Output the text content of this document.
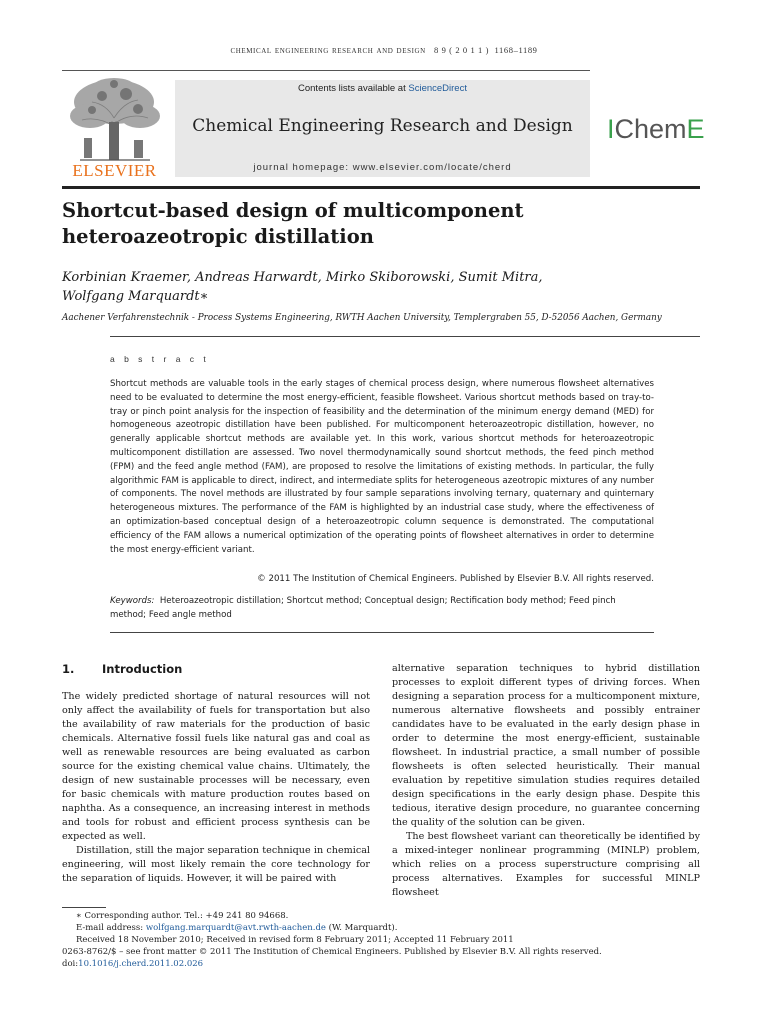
chemical engineering research and design 8 9 ( 2 0 1 1 ) 1168–1189
ELSEVIER
Contents lists available at ScienceDirect
Chemical Engineering Research and Design
journal homepage: www.elsevier.com/locate/cherd
IChemE
Shortcut-based design of multicomponent heteroazeotropic distillation
Korbinian Kraemer, Andreas Harwardt, Mirko Skiborowski, Sumit Mitra,
Wolfgang Marquardt∗
Aachener Verfahrenstechnik - Process Systems Engineering, RWTH Aachen University, Templergraben 55, D-52056 Aachen, Germany
a b s t r a c t
Shortcut methods are valuable tools in the early stages of chemical process design, where numerous flowsheet alternatives need to be evaluated to determine the most energy-efficient, feasible flowsheet. Various shortcut methods based on tray-to-tray or pinch point analysis for the inspection of feasibility and the determination of the minimum energy demand (MED) for homogeneous azeotropic distillation have been published. For multicomponent heteroazeotropic distillation, however, no generally applicable shortcut methods are available yet. In this work, various shortcut methods for heteroazeotropic multicomponent distillation are assessed. Two novel thermodynamically sound shortcut methods, the feed pinch method (FPM) and the feed angle method (FAM), are proposed to resolve the limitations of existing methods. In particular, the fully algorithmic FAM is applicable to direct, indirect, and intermediate splits for heterogeneous azeotropic mixtures of any number of components. The novel methods are illustrated by four sample separations involving ternary, quaternary and quinternary heterogeneous mixtures. The performance of the FAM is highlighted by an industrial case study, where the effectiveness of an optimization-based conceptual design of a heteroazeotropic column sequence is demonstrated. The computational efficiency of the FAM allows a numerical optimization of the operating points of flowsheet alternatives in order to determine the most energy-efficient variant.
© 2011 The Institution of Chemical Engineers. Published by Elsevier B.V. All rights reserved.
Keywords: Heteroazeotropic distillation; Shortcut method; Conceptual design; Rectification body method; Feed pinch method; Feed angle method
1. Introduction

The widely predicted shortage of natural resources will not only affect the availability of fuels for transportation but also the availability of raw materials for the production of basic chemicals. Alternative fossil fuels like natural gas and coal as well as renewable resources are being evaluated as carbon source for the existing chemical value chains. Ultimately, the design of new sustainable processes will be necessary, even for basic chemicals with mature production routes based on naphtha. As a consequence, an increasing interest in methods and tools for robust and efficient process synthesis can be expected as well.

Distillation, still the major separation technique in chemical engineering, will most likely remain the core technology for the separation of liquids. However, it will be paired with

alternative separation techniques to hybrid distillation processes to exploit different types of driving forces. When designing a separation process for a multicomponent mixture, numerous alternative flowsheets and possibly entrainer candidates have to be evaluated in the early design phase in order to determine the most energy-efficient, sustainable flowsheet. In industrial practice, a small number of possible flowsheets is often selected heuristically. Their manual evaluation by repetitive simulation studies requires detailed design specifications in the early design phase. Despite this tedious, iterative design procedure, no guarantee concerning the quality of the solution can be given.

The best flowsheet variant can theoretically be identified by a mixed-integer nonlinear programming (MINLP) problem, which relies on a process superstructure comprising all process alternatives. Examples for successful MINLP flowsheet

∗ Corresponding author. Tel.: +49 241 80 94668.
E-mail address: wolfgang.marquardt@avt.rwth-aachen.de (W. Marquardt).
Received 18 November 2010; Received in revised form 8 February 2011; Accepted 11 February 2011
0263-8762/$ – see front matter © 2011 The Institution of Chemical Engineers. Published by Elsevier B.V. All rights reserved.
doi:10.1016/j.cherd.2011.02.026
